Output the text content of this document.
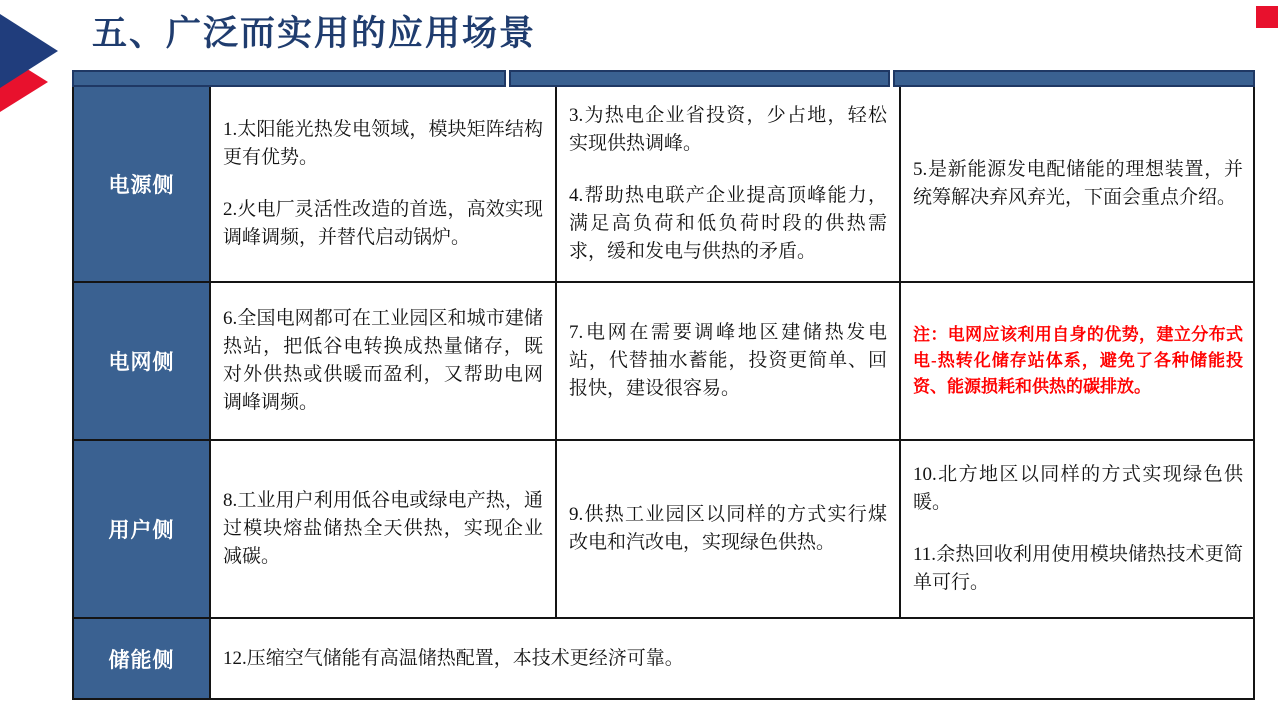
五、广泛而实用的应用场景
电源侧

1.太阳能光热发电领域，模块矩阵结构更有优势。

2.火电厂灵活性改造的首选，高效实现调峰调频，并替代启动锅炉。

3.为热电企业省投资，少占地，轻松实现供热调峰。

4.帮助热电联产企业提高顶峰能力，满足高负荷和低负荷时段的供热需求，缓和发电与供热的矛盾。

5.是新能源发电配储能的理想装置，并统筹解决弃风弃光，下面会重点介绍。

电网侧

6.全国电网都可在工业园区和城市建储热站，把低谷电转换成热量储存，既对外供热或供暖而盈利，又帮助电网调峰调频。

7.电网在需要调峰地区建储热发电站，代替抽水蓄能，投资更简单、回报快，建设很容易。

注：电网应该利用自身的优势，建立分布式电-热转化储存站体系，避免了各种储能投资、能源损耗和供热的碳排放。

用户侧

8.工业用户利用低谷电或绿电产热，通过模块熔盐储热全天供热，实现企业减碳。

9.供热工业园区以同样的方式实行煤改电和汽改电，实现绿色供热。

10.北方地区以同样的方式实现绿色供暖。

11.余热回收利用使用模块储热技术更简单可行。

储能侧	12.压缩空气储能有高温储热配置，本技术更经济可靠。
